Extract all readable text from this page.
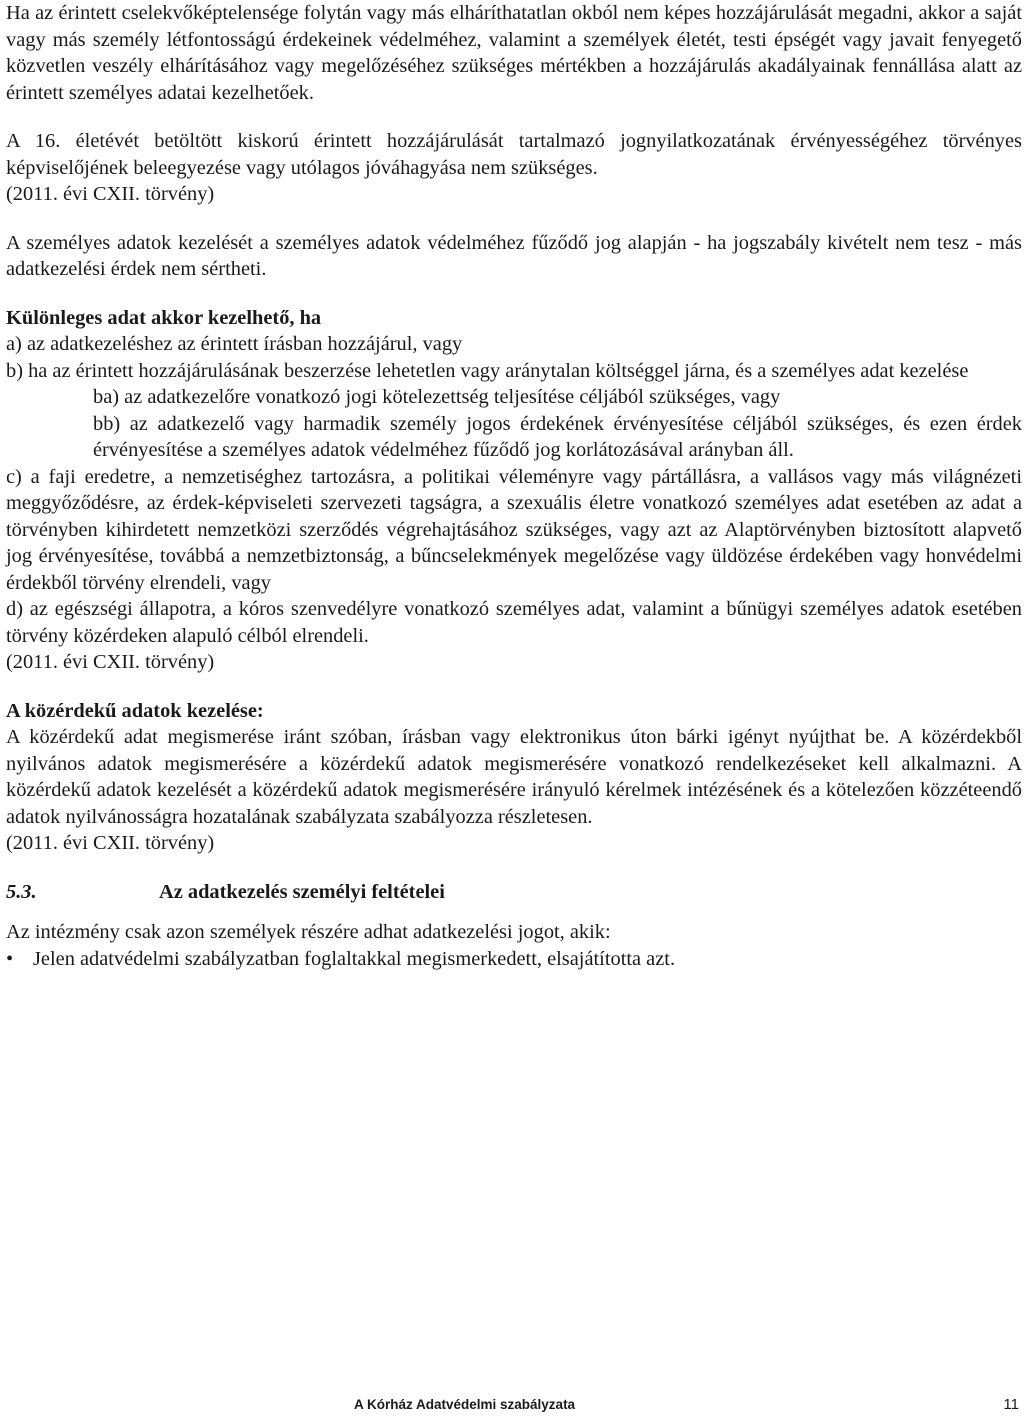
Ha az érintett cselekvőképtelensége folytán vagy más elháríthatatlan okból nem képes hozzájárulását megadni, akkor a saját vagy más személy létfontosságú érdekeinek védelméhez, valamint a személyek életét, testi épségét vagy javait fenyegető közvetlen veszély elhárításához vagy megelőzéséhez szükséges mértékben a hozzájárulás akadályainak fennállása alatt az érintett személyes adatai kezelhetőek.

A 16. életévét betöltött kiskorú érintett hozzájárulását tartalmazó jognyilatkozatának érvényességéhez törvényes képviselőjének beleegyezése vagy utólagos jóváhagyása nem szükséges.

(2011. évi CXII. törvény)

A személyes adatok kezelését a személyes adatok védelméhez fűződő jog alapján - ha jogszabály kivételt nem tesz - más adatkezelési érdek nem sértheti.

Különleges adat akkor kezelhető, ha

a) az adatkezeléshez az érintett írásban hozzájárul, vagy

b) ha az érintett hozzájárulásának beszerzése lehetetlen vagy aránytalan költséggel járna, és a személyes adat kezelése

ba) az adatkezelőre vonatkozó jogi kötelezettség teljesítése céljából szükséges, vagy

bb) az adatkezelő vagy harmadik személy jogos érdekének érvényesítése céljából szükséges, és ezen érdek érvényesítése a személyes adatok védelméhez fűződő jog korlátozásával arányban áll.

c) a faji eredetre, a nemzetiséghez tartozásra, a politikai véleményre vagy pártállásra, a vallásos vagy más világnézeti meggyőződésre, az érdek-képviseleti szervezeti tagságra, a szexuális életre vonatkozó személyes adat esetében az adat a törvényben kihirdetett nemzetközi szerződés végrehajtásához szükséges, vagy azt az Alaptörvényben biztosított alapvető jog érvényesítése, továbbá a nemzetbiztonság, a bűncselekmények megelőzése vagy üldözése érdekében vagy honvédelmi érdekből törvény elrendeli, vagy

d) az egészségi állapotra, a kóros szenvedélyre vonatkozó személyes adat, valamint a bűnügyi személyes adatok esetében törvény közérdeken alapuló célból elrendeli.

(2011. évi CXII. törvény)

A közérdekű adatok kezelése:

A közérdekű adat megismerése iránt szóban, írásban vagy elektronikus úton bárki igényt nyújthat be. A közérdekből nyilvános adatok megismerésére a közérdekű adatok megismerésére vonatkozó rendelkezéseket kell alkalmazni. A közérdekű adatok kezelését a közérdekű adatok megismerésére irányuló kérelmek intézésének és a kötelezően közzéteendő adatok nyilvánosságra hozatalának szabályzata szabályozza részletesen.

(2011. évi CXII. törvény)

5.3.	Az adatkezelés személyi feltételei

Az intézmény csak azon személyek részére adhat adatkezelési jogot, akik:

• Jelen adatvédelmi szabályzatban foglaltakkal megismerkedett, elsajátította azt.
A Kórház Adatvédelmi szabályzata	11
